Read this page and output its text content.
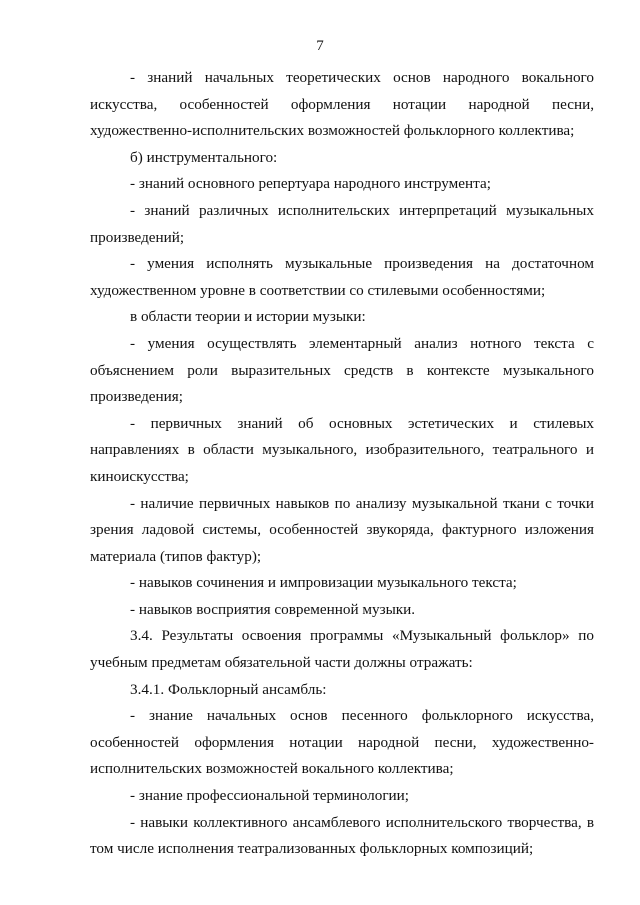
7

- знаний начальных теоретических основ народного вокального искусства, особенностей оформления нотации народной песни, художественно-исполнительских возможностей фольклорного коллектива;

б) инструментального:

- знаний основного репертуара народного инструмента;

- знаний различных исполнительских интерпретаций музыкальных произведений;

- умения исполнять музыкальные произведения на достаточном художественном уровне в соответствии со стилевыми особенностями;

в области теории и истории музыки:

- умения осуществлять элементарный анализ нотного текста с объяснением роли выразительных средств в контексте музыкального произведения;

- первичных знаний об основных эстетических и стилевых направлениях в области музыкального, изобразительного, театрального и киноискусства;

- наличие первичных навыков по анализу музыкальной ткани с точки зрения ладовой системы, особенностей звукоряда, фактурного изложения материала (типов фактур);

- навыков сочинения и импровизации музыкального текста;

- навыков восприятия современной музыки.

3.4. Результаты освоения программы «Музыкальный фольклор» по учебным предметам обязательной части должны отражать:

3.4.1. Фольклорный ансамбль:

- знание начальных основ песенного фольклорного искусства, особенностей оформления нотации народной песни, художественно-исполнительских возможностей вокального коллектива;

- знание профессиональной терминологии;

- навыки коллективного ансамблевого исполнительского творчества, в том числе исполнения театрализованных фольклорных композиций;
